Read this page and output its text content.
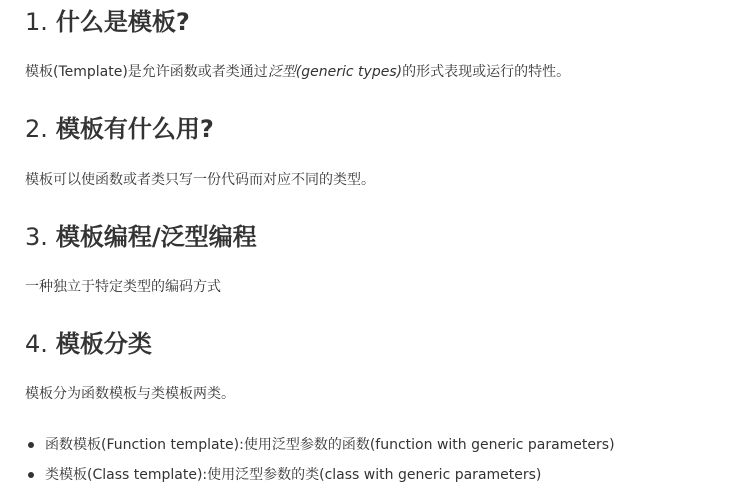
1. 什么是模板?

模板(Template)是允许函数或者类通过泛型(generic types)的形式表现或运行的特性。

2. 模板有什么用?

模板可以使函数或者类只写一份代码而对应不同的类型。

3. 模板编程/泛型编程

一种独立于特定类型的编码方式

4. 模板分类

模板分为函数模板与类模板两类。

函数模板(Function template):使用泛型参数的函数(function with generic parameters)
类模板(Class template):使用泛型参数的类(class with generic parameters)
